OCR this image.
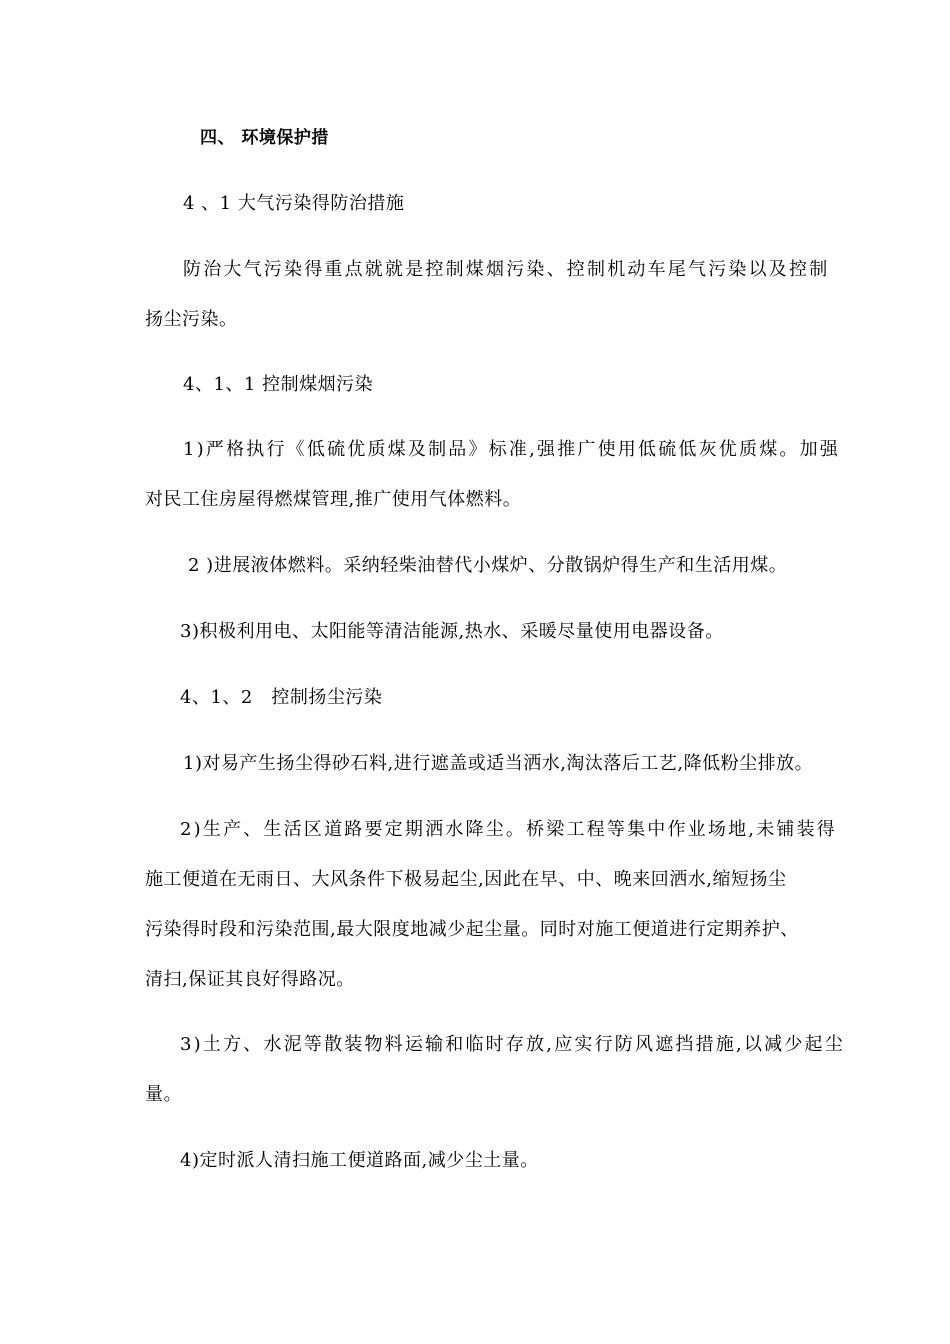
四、 环境保护措
4 、1 大气污染得防治措施
防治大气污染得重点就就是控制煤烟污染、控制机动车尾气污染以及控制
扬尘污染。
4、1、1 控制煤烟污染
1)严格执行《低硫优质煤及制品》标准,强推广使用低硫低灰优质煤。加强
对民工住房屋得燃煤管理,推广使用气体燃料。
2 )进展液体燃料。采纳轻柴油替代小煤炉、分散锅炉得生产和生活用煤。
3)积极利用电、太阳能等清洁能源,热水、采暖尽量使用电器设备。
4、1、2　控制扬尘污染
1)对易产生扬尘得砂石料,进行遮盖或适当洒水,淘汰落后工艺,降低粉尘排放。
2)生产、生活区道路要定期洒水降尘。桥梁工程等集中作业场地,未铺装得
施工便道在无雨日、大风条件下极易起尘,因此在早、中、晚来回洒水,缩短扬尘
污染得时段和污染范围,最大限度地减少起尘量。同时对施工便道进行定期养护、
清扫,保证其良好得路况。
3)土方、水泥等散装物料运输和临时存放,应实行防风遮挡措施,以减少起尘
量。
4)定时派人清扫施工便道路面,减少尘土量。
